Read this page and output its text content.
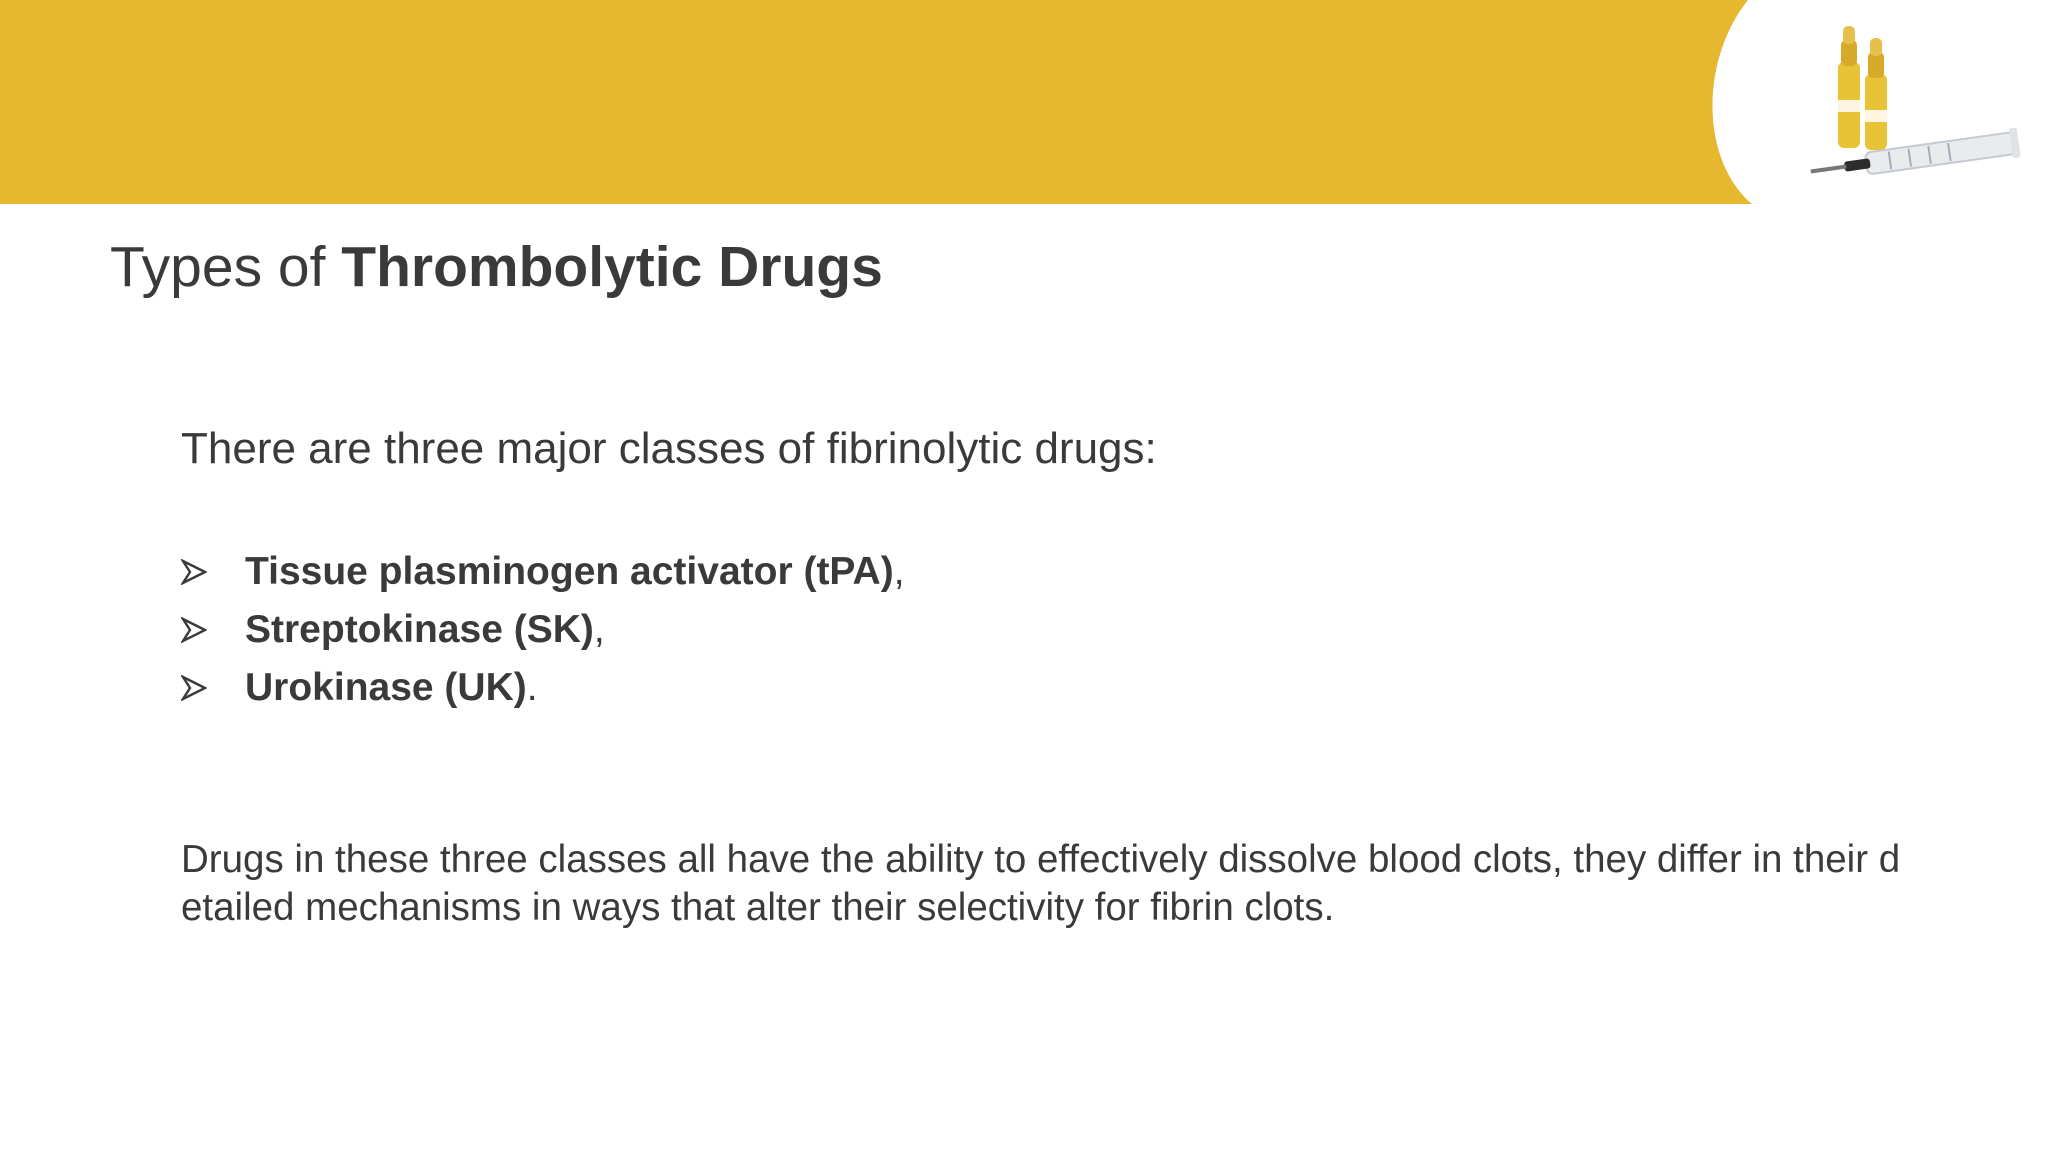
Types of Thrombolytic Drugs
There are three major classes of fibrinolytic drugs:
Tissue plasminogen activator (tPA) ,
Streptokinase (SK) ,
Urokinase (UK) .
Drugs in these three classes all have the ability to effectively dissolve blood clots, they differ in their d
etailed mechanisms in ways that alter their selectivity for fibrin clots.
